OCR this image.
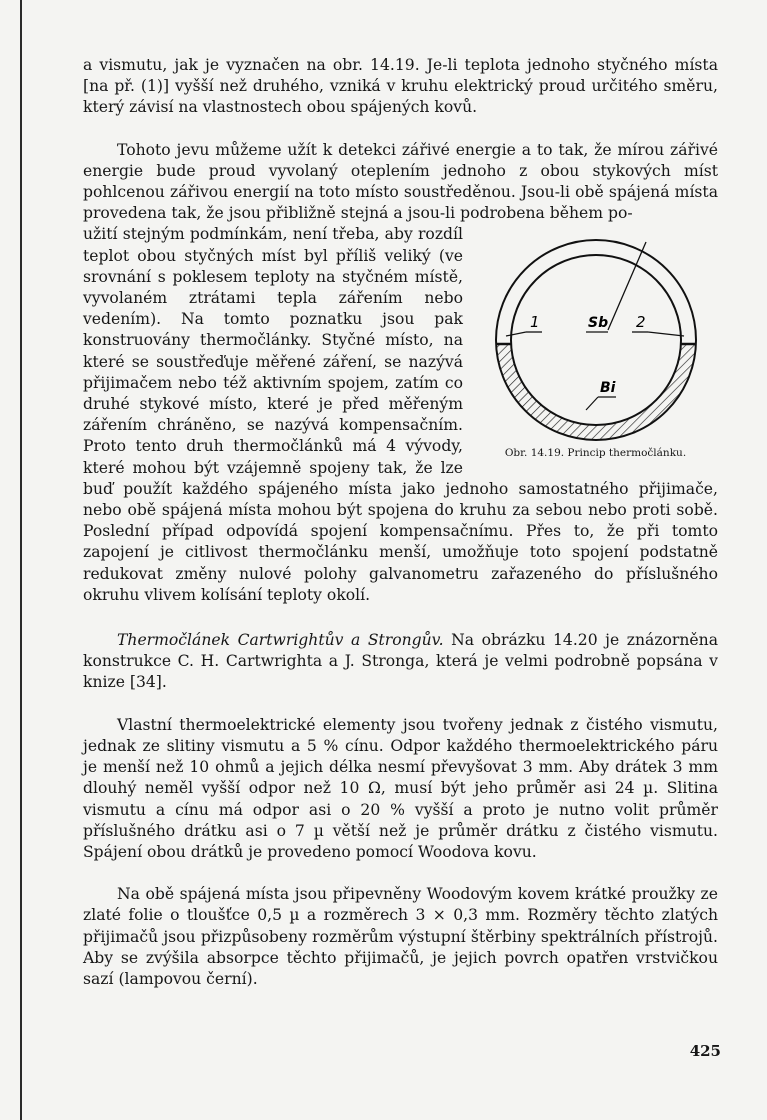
a vismutu, jak je vyznačen na obr. 14.19. Je-li teplota jednoho styčného místa [na př. (1)] vyšší než druhého, vzniká v kruhu elektrický proud určitého směru, který závisí na vlastnostech obou spájených kovů.

Tohoto jevu můžeme užít k detekci zářivé energie a to tak, že mírou zářivé energie bude proud vyvolaný oteplením jednoho z obou stykových míst pohlcenou zářivou energií na toto místo soustředěnou. Jsou-li obě spájená místa provedena tak, že jsou přibližně stejná a jsou-li podrobena během po-

1	Sb 2
Bi
Obr. 14.19. Princip thermočlánku.

užití stejným podmínkám, není třeba, aby rozdíl teplot obou styčných míst byl příliš veliký (ve srovnání s poklesem teploty na styčném místě, vyvolaném ztrátami tepla zářením nebo vedením). Na tomto poznatku jsou pak konstruovány thermočlánky. Styčné místo, na které se soustřeďuje měřené záření, se nazývá přijimačem nebo též aktivním spojem, zatím co druhé stykové místo, které je před měřeným zářením chráněno, se nazývá kompensačním. Proto tento druh thermočlánků má 4 vývody, které mohou být vzájemně spojeny tak, že lze buď použít každého spájeného místa jako jednoho samostatného přijimače, nebo obě spájená místa mohou být spojena do kruhu za sebou nebo proti sobě. Poslední případ odpovídá spojení kompensačnímu. Přes to, že při tomto zapojení je citlivost thermočlánku menší, umožňuje toto spojení podstatně redukovat změny nulové polohy galvanometru zařazeného do příslušného okruhu vlivem kolísání teploty okolí.

Thermočlánek Cartwrightův a Strongův. Na obrázku 14.20 je znázorněna konstrukce C. H. Cartwrighta a J. Stronga, která je velmi podrobně popsána v knize [34].

Vlastní thermoelektrické elementy jsou tvořeny jednak z čistého vismutu, jednak ze slitiny vismutu a 5 % cínu. Odpor každého thermoelektrického páru je menší než 10 ohmů a jejich délka nesmí převyšovat 3 mm. Aby drátek 3 mm dlouhý neměl vyšší odpor než 10 Ω, musí být jeho průměr asi 24 µ. Slitina vismutu a cínu má odpor asi o 20 % vyšší a proto je nutno volit průměr příslušného drátku asi o 7 µ větší než je průměr drátku z čistého vismutu. Spájení obou drátků je provedeno pomocí Woodova kovu.

Na obě spájená místa jsou připevněny Woodovým kovem krátké proužky ze zlaté folie o tloušťce 0,5 µ a rozměrech 3 × 0,3 mm. Rozměry těchto zlatých přijimačů jsou přizpůsobeny rozměrům výstupní štěrbiny spektrálních přístrojů. Aby se zvýšila absorpce těchto přijimačů, je jejich povrch opatřen vrstvičkou sazí (lampovou černí).

425
